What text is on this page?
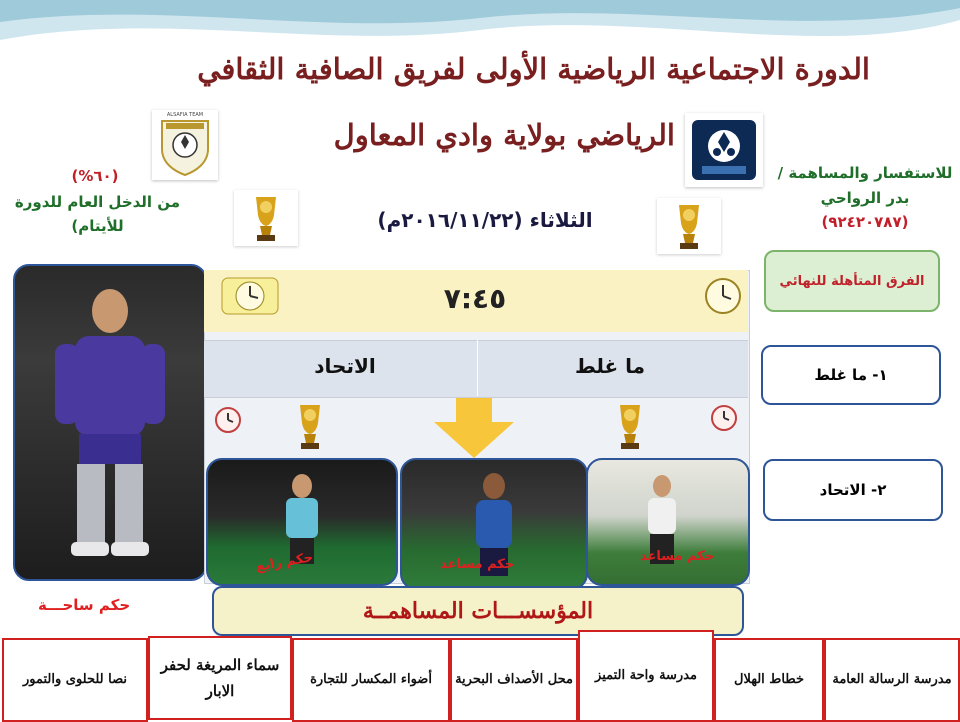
الدورة الاجتماعية الرياضية الأولى لفريق الصافية الثقافي
الرياضي بولاية وادي المعاول
ALSAFIA TEAM
(٦٠%)
من الدخل العام للدورة للأيتام)
للاستفسار والمساهمة /
بدر الرواحي
(٩٢٤٢٠٧٨٧)
الثلاثاء (٢٠١٦/١١/٢٢م)
الفرق المتأهلة للنهائي
١- ما غلط
٢- الاتحاد
حكم ساحـــة
٧:٤٥
ما غلط
الاتحاد
حكم رابع	حكم مساعد
حكم مساعد
المؤسســـات المساهمــة
مدرسة الرسالة العامة
خطاط الهلال
مدرسة واحة التميز
محل الأصداف البحرية
أضواء المكسار للتجارة
سماء المريغة لحفر الابار
نصا للحلوى والتمور
